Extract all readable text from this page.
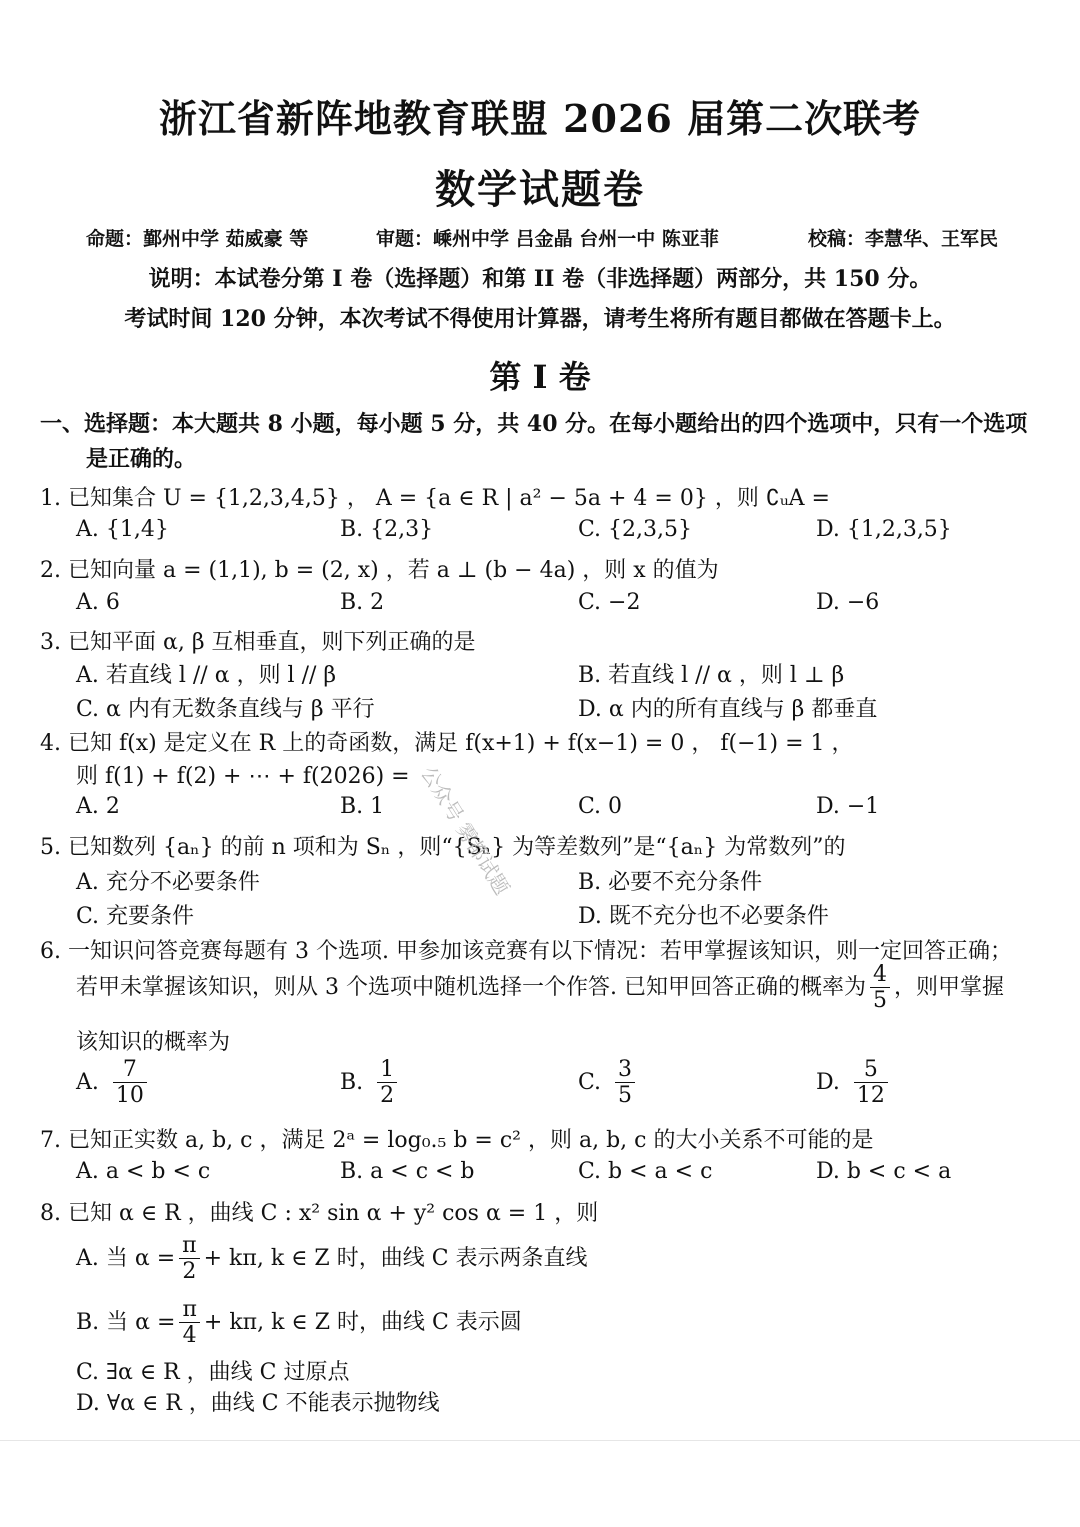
浙江省新阵地教育联盟 2026 届第二次联考
数学试题卷
命题：鄞州中学 茹威豪 等	审题：嵊州中学 吕金晶 台州一中 陈亚菲	校稿：李慧华、王军民
说明：本试卷分第 I 卷（选择题）和第 II 卷（非选择题）两部分，共 150 分。
考试时间 120 分钟，本次考试不得使用计算器，请考生将所有题目都做在答题卡上。
第 I 卷
一、选择题：本大题共 8 小题，每小题 5 分，共 40 分。在每小题给出的四个选项中，只有一个选项
是正确的。
1. 已知集合 U = {1,2,3,4,5} ， A = {a ∈ R | a² − 5a + 4 = 0} ，则 ∁ᵤA =
A. {1,4}	B. {2,3}	C. {2,3,5}	D. {1,2,3,5}
2. 已知向量 a = (1,1), b = (2, x) ，若 a ⊥ (b − 4a) ，则 x 的值为
A. 6	B. 2	C. −2	D. −6
3. 已知平面 α, β 互相垂直，则下列正确的是
A. 若直线 l // α ，则 l // β	B. 若直线 l // α ，则 l ⊥ β
C. α 内有无数条直线与 β 平行	D. α 内的所有直线与 β 都垂直
4. 已知 f(x) 是定义在 R 上的奇函数，满足 f(x+1) + f(x−1) = 0 ， f(−1) = 1 ，
则 f(1) + f(2) + ⋯ + f(2026) =
A. 2	B. 1	C. 0	D. −1
5. 已知数列 {aₙ} 的前 n 项和为 Sₙ ，则“{Sₙ} 为等差数列”是“{aₙ} 为常数列”的
A. 充分不必要条件	B. 必要不充分条件
C. 充要条件	D. 既不充分也不必要条件
6. 一知识问答竞赛每题有 3 个选项. 甲参加该竞赛有以下情况：若甲掌握该知识，则一定回答正确；
若甲未掌握该知识，则从 3 个选项中随机选择一个作答. 已知甲回答正确的概率为 $\frac{4}{5}$ ，则甲掌握
该知识的概率为
A. $\frac{7}{10}$	B. $\frac{1}{2}$	C. $\frac{3}{5}$	D. $\frac{5}{12}$
7. 已知正实数 a, b, c ，满足 2ᵃ = log₀.₅ b = c² ，则 a, b, c 的大小关系不可能的是
A. a < b < c	B. a < c < b	C. b < a < c	D. b < c < a
8. 已知 α ∈ R ，曲线 C : x² sin α + y² cos α = 1 ，则
A. 当 $\alpha = \frac{\pi}{2} + k\pi$, k ∈ Z 时，曲线 C 表示两条直线
B. 当 $\alpha = \frac{\pi}{4} + k\pi$, k ∈ Z 时，曲线 C 表示圆
C. ∃α ∈ R ，曲线 C 过原点
D. ∀α ∈ R ，曲线 C 不能表示抛物线
公众号 雾都试题
